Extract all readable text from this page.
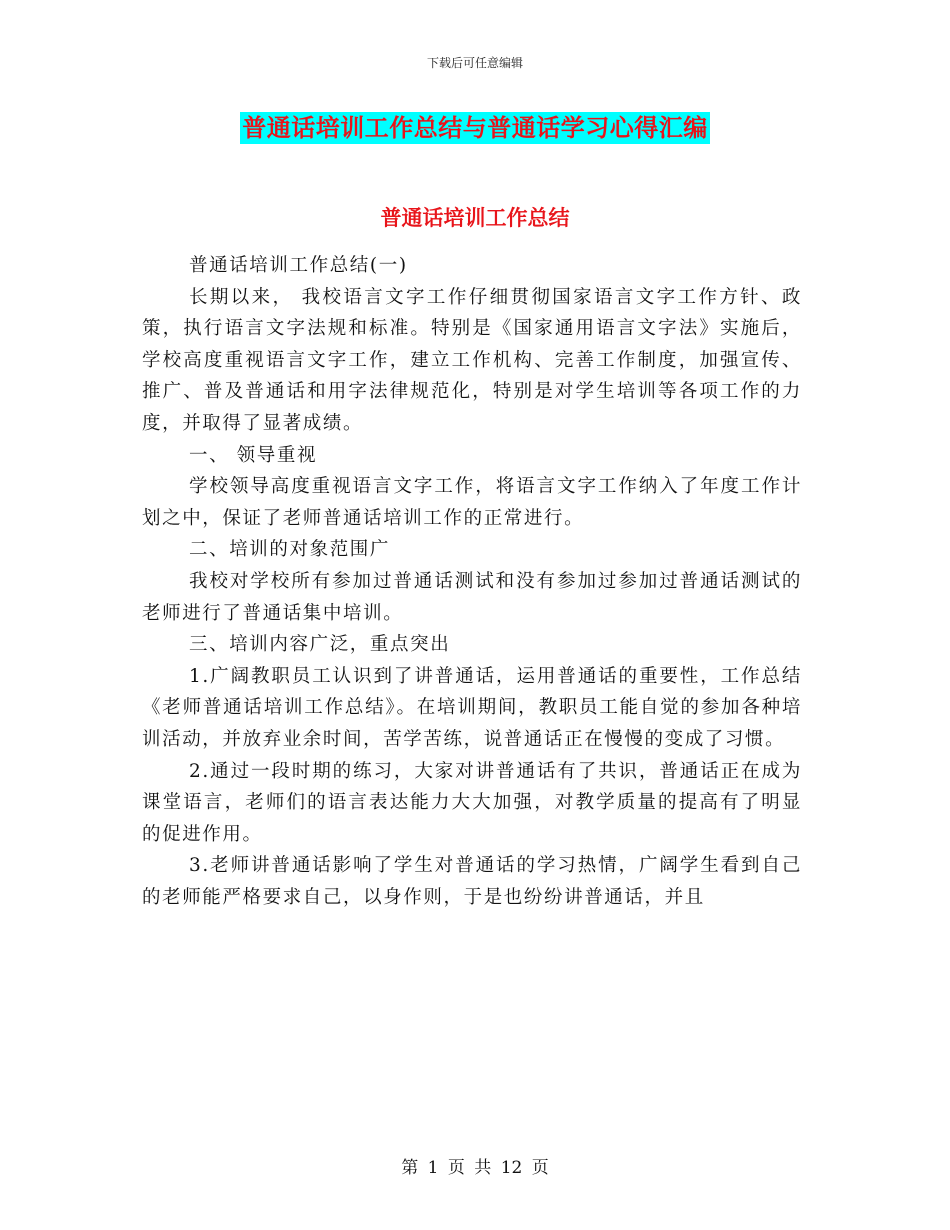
下载后可任意编辑
普通话培训工作总结与普通话学习心得汇编
普通话培训工作总结

普通话培训工作总结(一)

长期以来， 我校语言文字工作仔细贯彻国家语言文字工作方针、政策，执行语言文字法规和标准。特别是《国家通用语言文字法》实施后，学校高度重视语言文字工作，建立工作机构、完善工作制度，加强宣传、推广、普及普通话和用字法律规范化，特别是对学生培训等各项工作的力度，并取得了显著成绩。

一、 领导重视

学校领导高度重视语言文字工作，将语言文字工作纳入了年度工作计划之中，保证了老师普通话培训工作的正常进行。

二、培训的对象范围广

我校对学校所有参加过普通话测试和没有参加过参加过普通话测试的老师进行了普通话集中培训。

三、培训内容广泛，重点突出

1.广阔教职员工认识到了讲普通话，运用普通话的重要性，工作总结《老师普通话培训工作总结》。在培训期间，教职员工能自觉的参加各种培训活动，并放弃业余时间，苦学苦练，说普通话正在慢慢的变成了习惯。

2.通过一段时期的练习，大家对讲普通话有了共识，普通话正在成为课堂语言，老师们的语言表达能力大大加强，对教学质量的提高有了明显的促进作用。

3.老师讲普通话影响了学生对普通话的学习热情，广阔学生看到自己的老师能严格要求自己，以身作则，于是也纷纷讲普通话，并且

第 1 页 共 12 页
